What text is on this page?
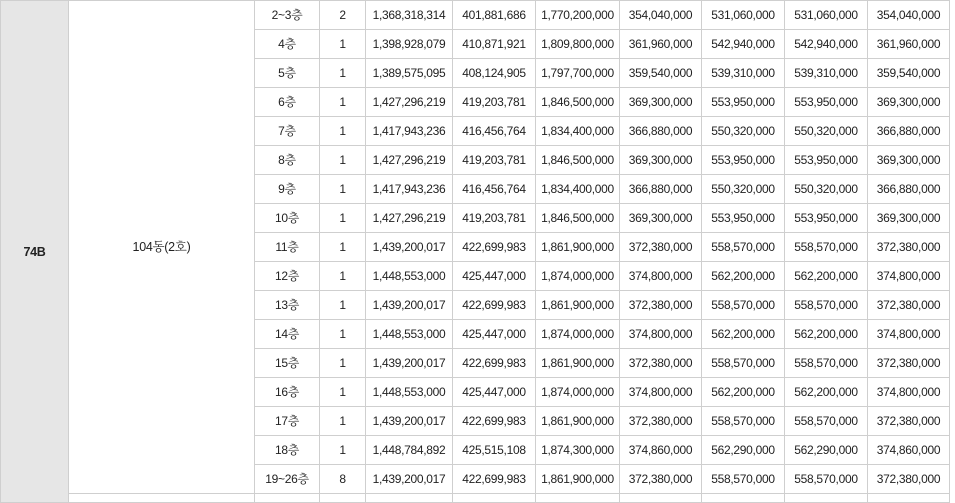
74B	104동(2호)	2~3층	2	1,368,318,314	401,881,686	1,770,200,000	354,040,000	531,060,000	531,060,000	354,040,000
		4층	1	1,398,928,079	410,871,921	1,809,800,000	361,960,000	542,940,000	542,940,000	361,960,000
		5층	1	1,389,575,095	408,124,905	1,797,700,000	359,540,000	539,310,000	539,310,000	359,540,000
		6층	1	1,427,296,219	419,203,781	1,846,500,000	369,300,000	553,950,000	553,950,000	369,300,000
		7층	1	1,417,943,236	416,456,764	1,834,400,000	366,880,000	550,320,000	550,320,000	366,880,000
		8층	1	1,427,296,219	419,203,781	1,846,500,000	369,300,000	553,950,000	553,950,000	369,300,000
		9층	1	1,417,943,236	416,456,764	1,834,400,000	366,880,000	550,320,000	550,320,000	366,880,000
		10층	1	1,427,296,219	419,203,781	1,846,500,000	369,300,000	553,950,000	553,950,000	369,300,000
		11층	1	1,439,200,017	422,699,983	1,861,900,000	372,380,000	558,570,000	558,570,000	372,380,000
		12층	1	1,448,553,000	425,447,000	1,874,000,000	374,800,000	562,200,000	562,200,000	374,800,000
		13층	1	1,439,200,017	422,699,983	1,861,900,000	372,380,000	558,570,000	558,570,000	372,380,000
		14층	1	1,448,553,000	425,447,000	1,874,000,000	374,800,000	562,200,000	562,200,000	374,800,000
		15층	1	1,439,200,017	422,699,983	1,861,900,000	372,380,000	558,570,000	558,570,000	372,380,000
		16층	1	1,448,553,000	425,447,000	1,874,000,000	374,800,000	562,200,000	562,200,000	374,800,000
		17층	1	1,439,200,017	422,699,983	1,861,900,000	372,380,000	558,570,000	558,570,000	372,380,000
		18층	1	1,448,784,892	425,515,108	1,874,300,000	374,860,000	562,290,000	562,290,000	374,860,000
		19~26층	8	1,439,200,017	422,699,983	1,861,900,000	372,380,000	558,570,000	558,570,000	372,380,000
